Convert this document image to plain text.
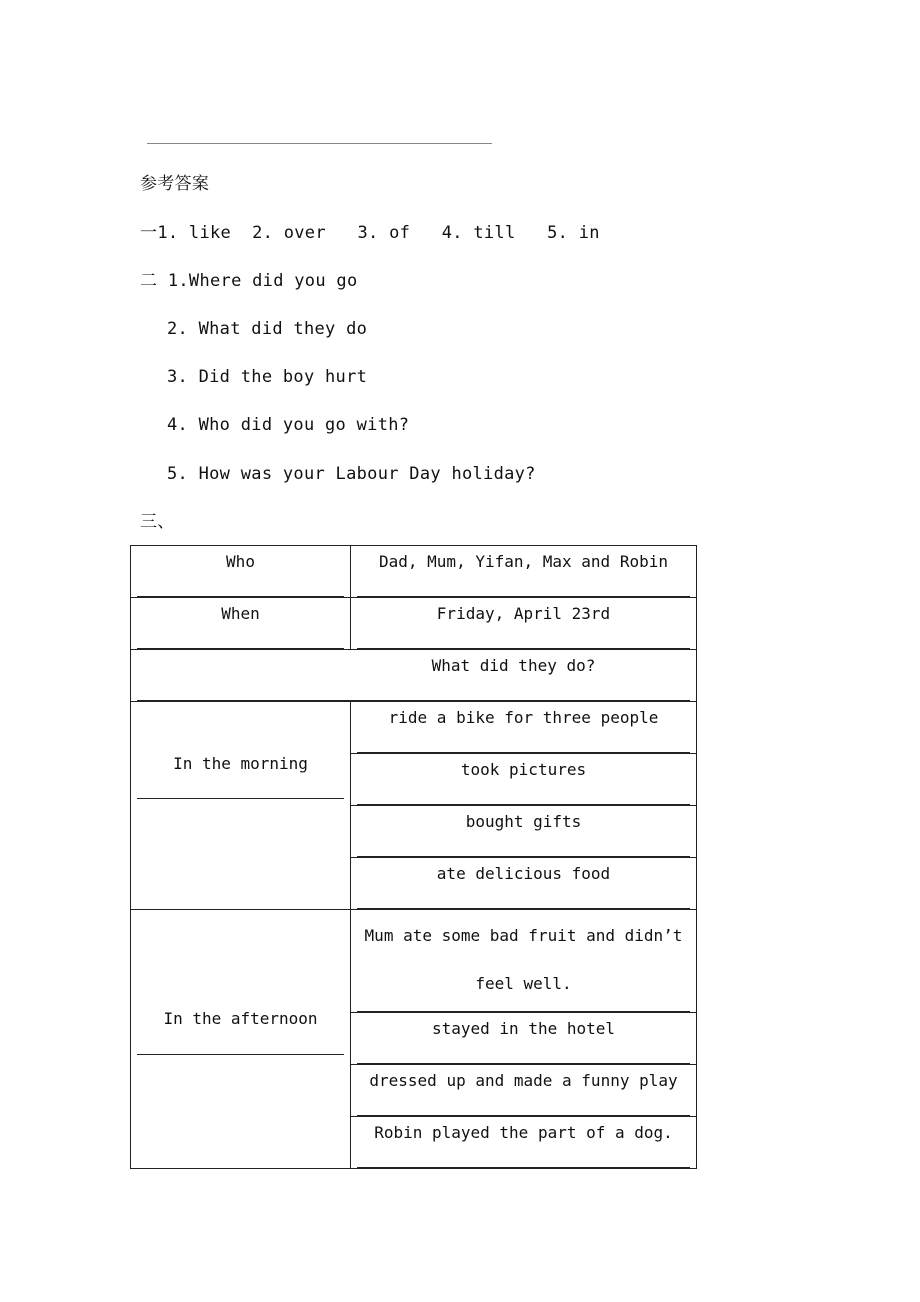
参考答案
一1. like  2. over   3. of   4. till   5. in
二 1.Where did you go
2. What did they do
3. Did the boy hurt
4. Who did you go with?
5. How was your Labour Day holiday?
三、
Who	Dad, Mum, Yifan, Max and Robin

When	Friday, April 23rd

What did they do?	

In the morning	ride a bike for three people

	took pictures

	bought gifts

	ate delicious food

In the afternoon	Mum ate some bad fruit and didn’t
feel well.

	stayed in the hotel

	dressed up and made a funny play

	Robin played the part of a dog.
